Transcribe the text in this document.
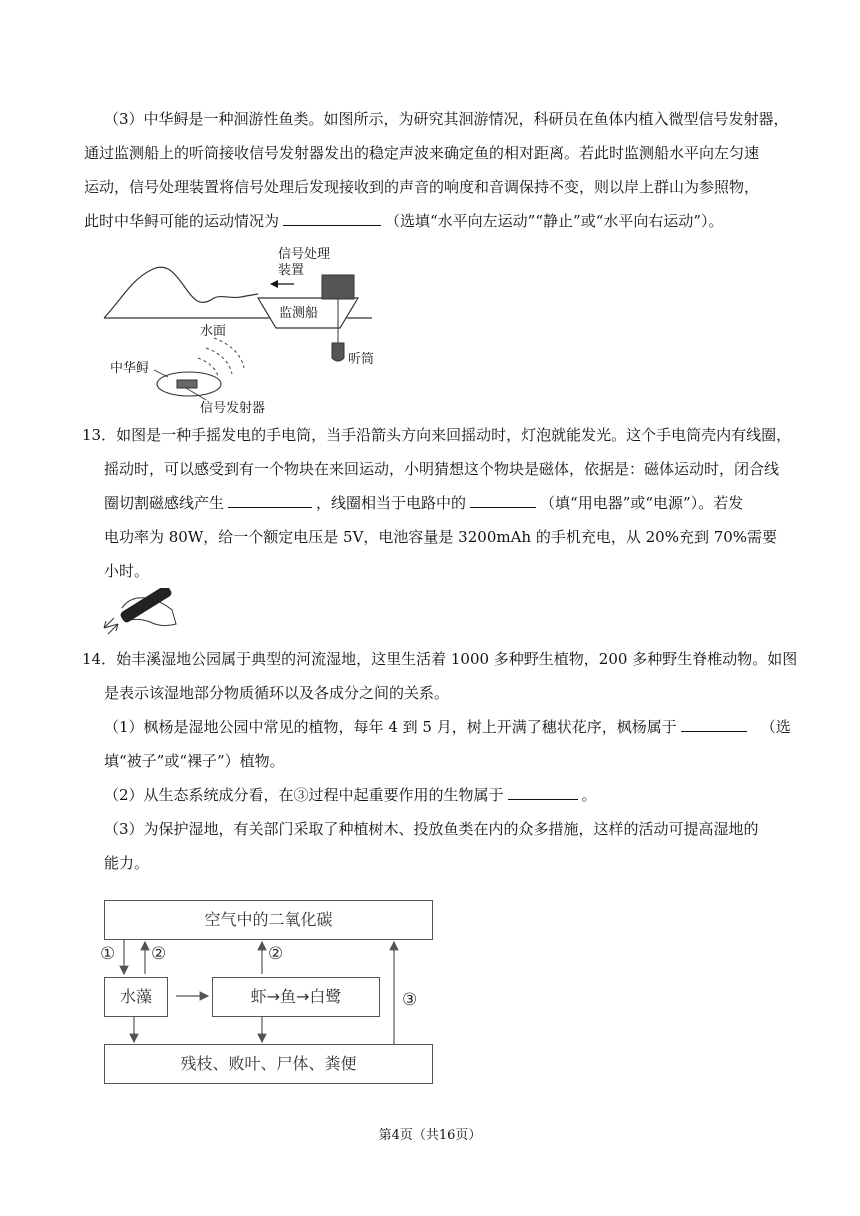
（3）中华鲟是一种洄游性鱼类。如图所示，为研究其洄游情况，科研员在鱼体内植入微型信号发射器，
通过监测船上的听筒接收信号发射器发出的稳定声波来确定鱼的相对距离。若此时监测船水平向左匀速
运动，信号处理装置将信号处理后发现接收到的声音的响度和音调保持不变，则以岸上群山为参照物，
此时中华鲟可能的运动情况为	（选填“水平向左运动”“静止”或“水平向右运动”）。
信号处理
装置
监测船
水面
听筒
中华鲟
信号发射器
13．如图是一种手摇发电的手电筒，当手沿箭头方向来回摇动时，灯泡就能发光。这个手电筒壳内有线圈，
摇动时，可以感受到有一个物块在来回运动，小明猜想这个物块是磁体，依据是：磁体运动时，闭合线
圈切割磁感线产生	，线圈相当于电路中的	（填“用电器”或“电源”）。若发
电功率为 80W，给一个额定电压是 5V，电池容量是 3200mAh 的手机充电，从 20%充到 70%需要
小时。
14．始丰溪湿地公园属于典型的河流湿地，这里生活着 1000 多种野生植物，200 多种野生脊椎动物。如图
是表示该湿地部分物质循环以及各成分之间的关系。
（1）枫杨是湿地公园中常见的植物，每年 4 到 5 月，树上开满了穗状花序，枫杨属于	（选
填“被子”或“裸子”）植物。
（2）从生态系统成分看，在③过程中起重要作用的生物属于	。
（3）为保护湿地，有关部门采取了种植树木、投放鱼类在内的众多措施，这样的活动可提高湿地的
能力。
空气中的二氧化碳
水藻	虾→鱼→白鹭
残枝、败叶、尸体、粪便
① ②	②
③
第4页（共16页）
